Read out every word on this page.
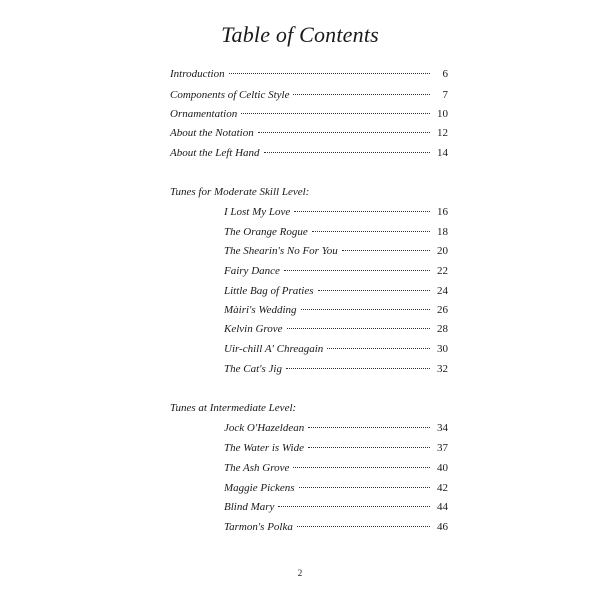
Table of Contents
Introduction	6
Components of Celtic Style	7
Ornamentation	10
About the Notation	12
About the Left Hand	14
Tunes for Moderate Skill Level:
I Lost My Love	16
The Orange Rogue	18
The Shearin's No For You	20
Fairy Dance	22
Little Bag of Praties	24
Màiri's Wedding	26
Kelvin Grove	28
Uir-chill A' Chreagain	30
The Cat's Jig	32
Tunes at Intermediate Level:
Jock O'Hazeldean	34
The Water is Wide	37
The Ash Grove	40
Maggie Pickens	42
Blind Mary	44
Tarmon's Polka	46
2
